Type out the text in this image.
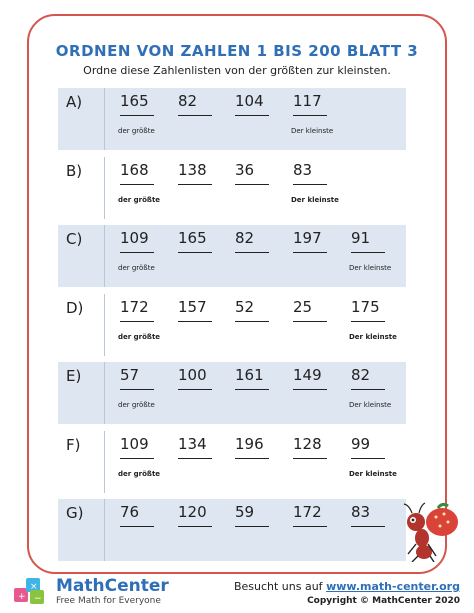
ORDNEN VON ZAHLEN 1 BIS 200 BLATT 3
Ordne diese Zahlenlisten von der größten zur kleinsten.
A)	165 82	104 117
der größte	Der kleinste
B)	168 138 36	83
der größte	Der kleinste
C)	109 165 82	197 91
der größte	Der kleinste
D) 172 157 52	25	175
der größte	Der kleinste
E)	57	100 161 149 82
der größte	Der kleinste
F)	109 134 196 128 99
der größte	Der kleinste
G) 76	120 59	172 83
+
×
−
MathCenter
Free Math for Everyone
Besucht uns auf www.math-center.org
Copyright © MathCenter 2020
